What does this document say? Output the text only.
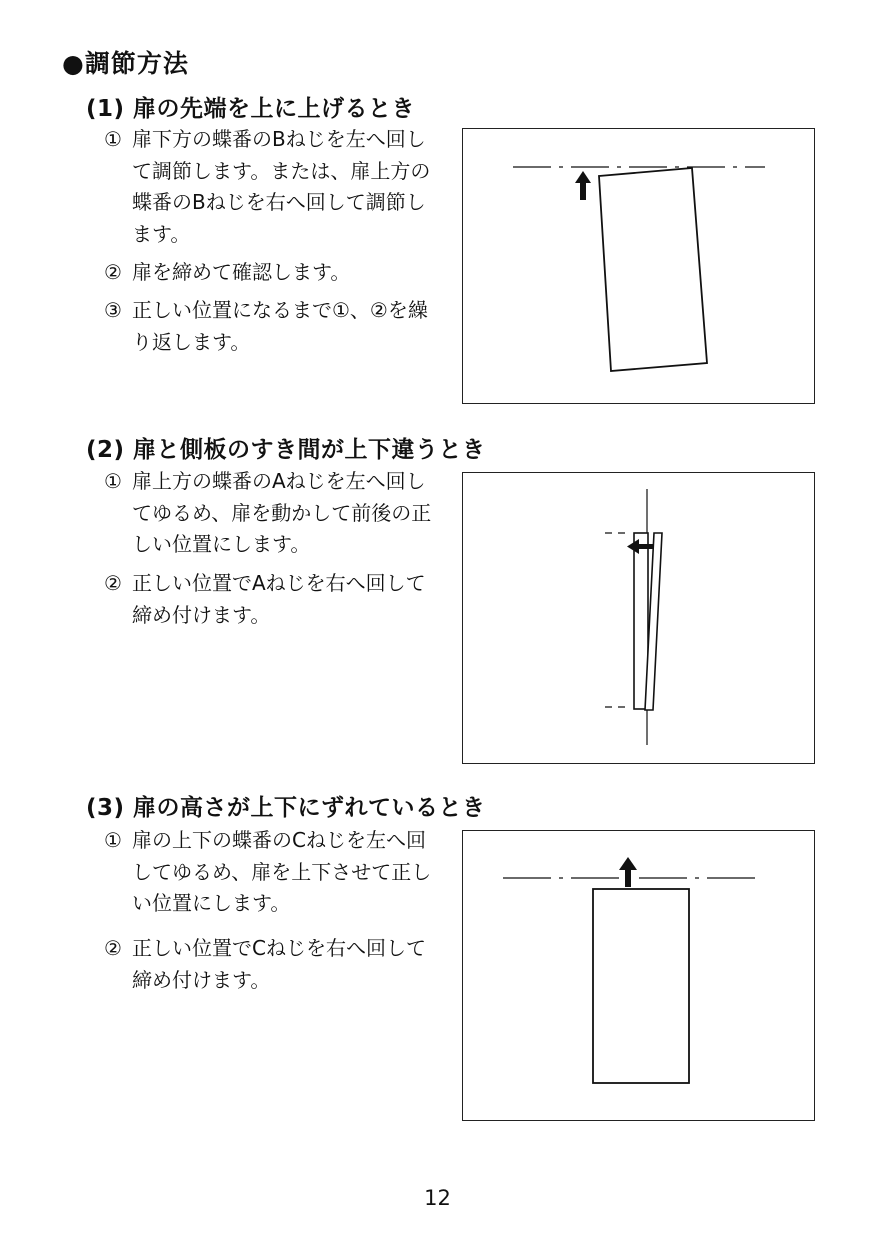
●調節方法
(1) 扉の先端を上に上げるとき
① 扉下方の蝶番のBねじを左へ回して調節します。または、扉上方の蝶番のBねじを右へ回して調節します。
② 扉を締めて確認します。
③ 正しい位置になるまで①、②を繰り返します。
(2) 扉と側板のすき間が上下違うとき
① 扉上方の蝶番のAねじを左へ回してゆるめ、扉を動かして前後の正しい位置にします。
② 正しい位置でAねじを右へ回して締め付けます。
(3) 扉の高さが上下にずれているとき
① 扉の上下の蝶番のCねじを左へ回してゆるめ、扉を上下させて正しい位置にします。
② 正しい位置でCねじを右へ回して締め付けます。
12
